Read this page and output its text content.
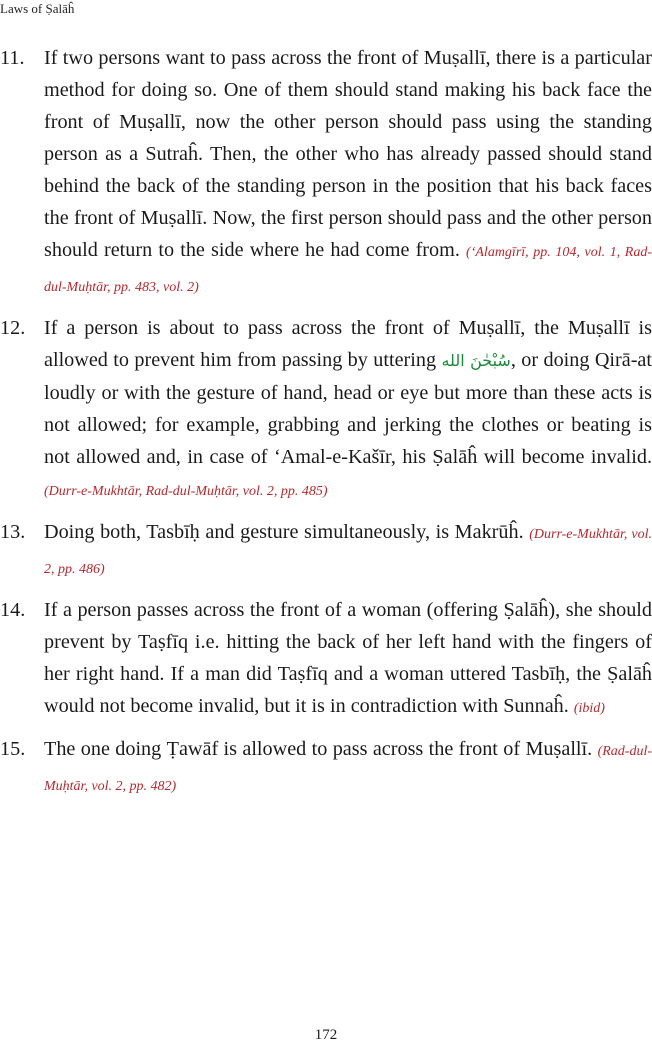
Laws of Ṣalāĥ
11. If two persons want to pass across the front of Muṣallī, there is a particular method for doing so. One of them should stand making his back face the front of Muṣallī, now the other person should pass using the standing person as a Sutraĥ. Then, the other who has already passed should stand behind the back of the standing person in the position that his back faces the front of Muṣallī. Now, the first person should pass and the other person should return to the side where he had come from. (‘Alamgīrī, pp. 104, vol. 1, Rad-dul-Muḥtār, pp. 483, vol. 2)
12. If a person is about to pass across the front of Muṣallī, the Muṣallī is allowed to prevent him from passing by uttering سُبْحٰنَ الله, or doing Qirā-at loudly or with the gesture of hand, head or eye but more than these acts is not allowed; for example, grabbing and jerking the clothes or beating is not allowed and, in case of ‘Amal-e-Kašīr, his Ṣalāĥ will become invalid. (Durr-e-Mukhtār, Rad-dul-Muḥtār, vol. 2, pp. 485)
13. Doing both, Tasbīḥ and gesture simultaneously, is Makrūĥ. (Durr-e-Mukhtār, vol. 2, pp. 486)
14. If a person passes across the front of a woman (offering Ṣalāĥ), she should prevent by Taṣfīq i.e. hitting the back of her left hand with the fingers of her right hand. If a man did Taṣfīq and a woman uttered Tasbīḥ, the Ṣalāĥ would not become invalid, but it is in contradiction with Sunnaĥ. (ibid)
15. The one doing Ṭawāf is allowed to pass across the front of Muṣallī. (Rad-dul-Muḥtār, vol. 2, pp. 482)
172
